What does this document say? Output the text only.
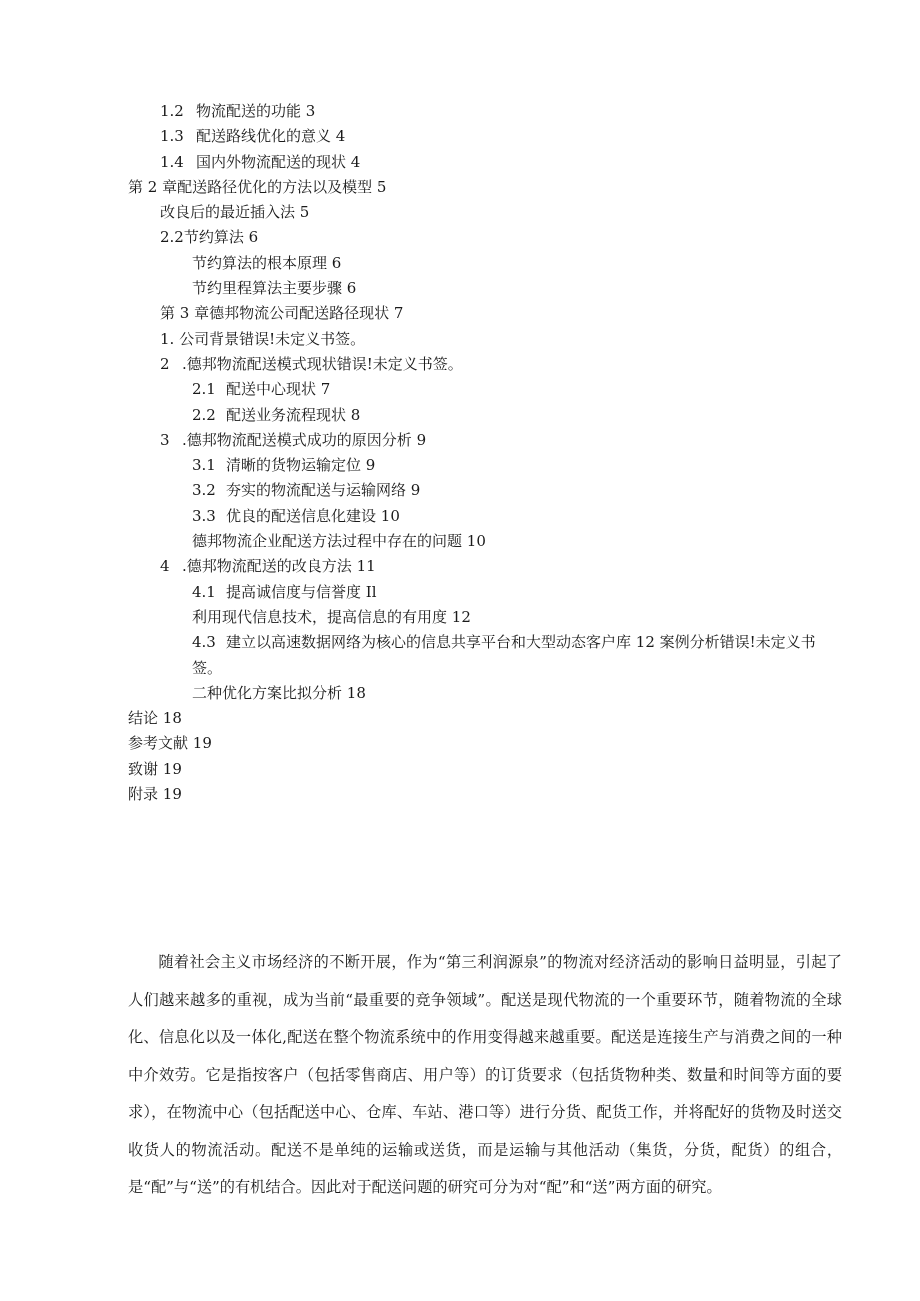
1.2 物流配送的功能 3
1.3 配送路线优化的意义 4
1.4 国内外物流配送的现状 4
第 2 章配送路径优化的方法以及模型 5
改良后的最近插入法 5
2.2节约算法 6
节约算法的根本原理 6
节约里程算法主要步骤 6
第 3 章德邦物流公司配送路径现状 7
1. 公司背景错误!未定义书签。
2 .德邦物流配送模式现状错误!未定义书签。
2.1 配送中心现状 7
2.2 配送业务流程现状 8
3 .德邦物流配送模式成功的原因分析 9
3.1 清晰的货物运输定位 9
3.2 夯实的物流配送与运输网络 9
3.3 优良的配送信息化建设 10
德邦物流企业配送方法过程中存在的问题 10
4 .德邦物流配送的改良方法 11
4.1 提高诚信度与信誉度 Il
利用现代信息技术，提高信息的有用度 12
4.3 建立以高速数据网络为核心的信息共享平台和大型动态客户库 12 案例分析错误!未定义书签。
二种优化方案比拟分析 18
结论 18
参考文献 19
致谢 19
附录 19

随着社会主义市场经济的不断开展，作为“第三利润源泉”的物流对经济活动的影响日益明显，引起了人们越来越多的重视，成为当前“最重要的竞争领域”。配送是现代物流的一个重要环节，随着物流的全球化、信息化以及一体化,配送在整个物流系统中的作用变得越来越重要。配送是连接生产与消费之间的一种中介效劳。它是指按客户（包括零售商店、用户等）的订货要求（包括货物种类、数量和时间等方面的要求），在物流中心（包括配送中心、仓库、车站、港口等）进行分货、配货工作，并将配好的货物及时送交收货人的物流活动。配送不是单纯的运输或送货，而是运输与其他活动（集货，分货，配货）的组合，是“配”与“送”的有机结合。因此对于配送问题的研究可分为对“配”和“送”两方面的研究。
